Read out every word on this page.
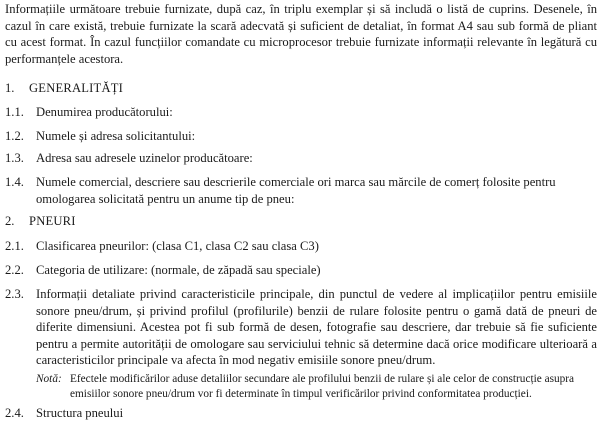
Informațiile următoare trebuie furnizate, după caz, în triplu exemplar și să includă o listă de cuprins. Desenele, în cazul în care există, trebuie furnizate la scară adecvată și suficient de detaliat, în format A4 sau sub formă de pliant cu acest format. În cazul funcțiilor comandate cu microprocesor trebuie furnizate informații relevante în legătură cu performanțele acestora.

1. GENERALITĂȚI
1.1. Denumirea producătorului:
1.2. Numele și adresa solicitantului:
1.3. Adresa sau adresele uzinelor producătoare:
1.4. Numele comercial, descriere sau descrierile comerciale ori marca sau mărcile de comerț folosite pentru omologarea solicitată pentru un anume tip de pneu:
2. PNEURI
2.1. Clasificarea pneurilor: (clasa C1, clasa C2 sau clasa C3)
2.2. Categoria de utilizare: (normale, de zăpadă sau speciale)
2.3. Informații detaliate privind caracteristicile principale, din punctul de vedere al implicațiilor pentru emisiile sonore pneu/drum, și privind profilul (profilurile) benzii de rulare folosite pentru o gamă dată de pneuri de diferite dimensiuni. Acestea pot fi sub formă de desen, fotografie sau descriere, dar trebuie să fie suficiente pentru a permite autorității de omologare sau serviciului tehnic să determine dacă orice modificare ulterioară a caracteristicilor principale va afecta în mod negativ emisiile sonore pneu/drum.
Notă: Efectele modificărilor aduse detaliilor secundare ale profilului benzii de rulare și ale celor de construcție asupra emisiilor sonore pneu/drum vor fi determinate în timpul verificărilor privind conformitatea producției.
2.4. Structura pneului
